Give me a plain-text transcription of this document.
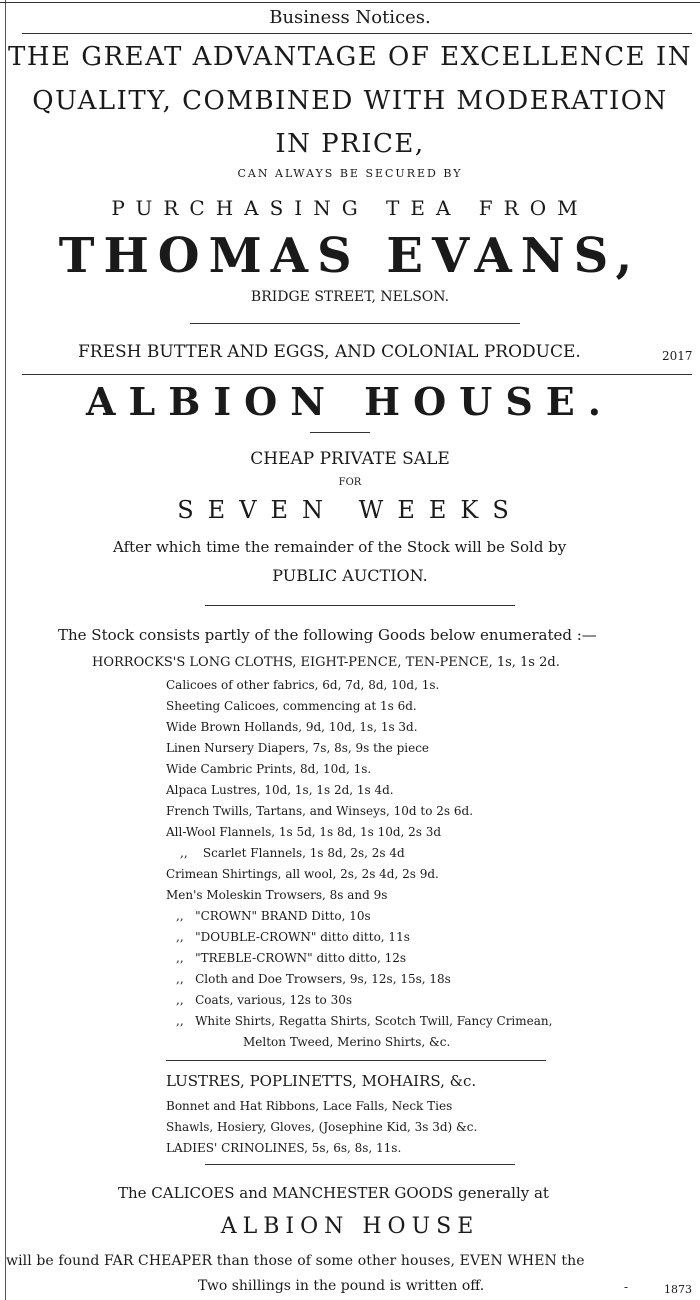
Business Notices.
THE GREAT ADVANTAGE OF EXCELLENCE IN
QUALITY, COMBINED WITH MODERATION
IN PRICE,
CAN ALWAYS BE SECURED BY
PURCHASING TEA FROM
THOMAS EVANS,
BRIDGE STREET, NELSON.
FRESH BUTTER AND EGGS, AND COLONIAL PRODUCE.	2017
ALBION HOUSE.
CHEAP PRIVATE SALE
FOR
SEVEN WEEKS
After which time the remainder of the Stock will be Sold by
PUBLIC AUCTION.
The Stock consists partly of the following Goods below enumerated :—
HORROCKS'S LONG CLOTHS, EIGHT-PENCE, TEN-PENCE, 1s, 1s 2d.
Calicoes of other fabrics, 6d, 7d, 8d, 10d, 1s.
Sheeting Calicoes, commencing at 1s 6d.
Wide Brown Hollands, 9d, 10d, 1s, 1s 3d.
Linen Nursery Diapers, 7s, 8s, 9s the piece
Wide Cambric Prints, 8d, 10d, 1s.
Alpaca Lustres, 10d, 1s, 1s 2d, 1s 4d.
French Twills, Tartans, and Winseys, 10d to 2s 6d.
All-Wool Flannels, 1s 5d, 1s 8d, 1s 10d, 2s 3d
,,    Scarlet Flannels, 1s 8d, 2s, 2s 4d
Crimean Shirtings, all wool, 2s, 2s 4d, 2s 9d.
Men's Moleskin Trowsers, 8s and 9s
,,   "CROWN" BRAND Ditto, 10s
,,   "DOUBLE-CROWN" ditto ditto, 11s
,,   "TREBLE-CROWN" ditto ditto, 12s
,,   Cloth and Doe Trowsers, 9s, 12s, 15s, 18s
,,   Coats, various, 12s to 30s
,,   White Shirts, Regatta Shirts, Scotch Twill, Fancy Crimean,
Melton Tweed, Merino Shirts, &c.
LUSTRES, POPLINETTS, MOHAIRS, &c.
Bonnet and Hat Ribbons, Lace Falls, Neck Ties
Shawls, Hosiery, Gloves, (Josephine Kid, 3s 3d) &c.
LADIES' CRINOLINES, 5s, 6s, 8s, 11s.
The CALICOES and MANCHESTER GOODS generally at
ALBION HOUSE
will be found FAR CHEAPER than those of some other houses, EVEN WHEN the
Two shillings in the pound is written off.	-	1873
